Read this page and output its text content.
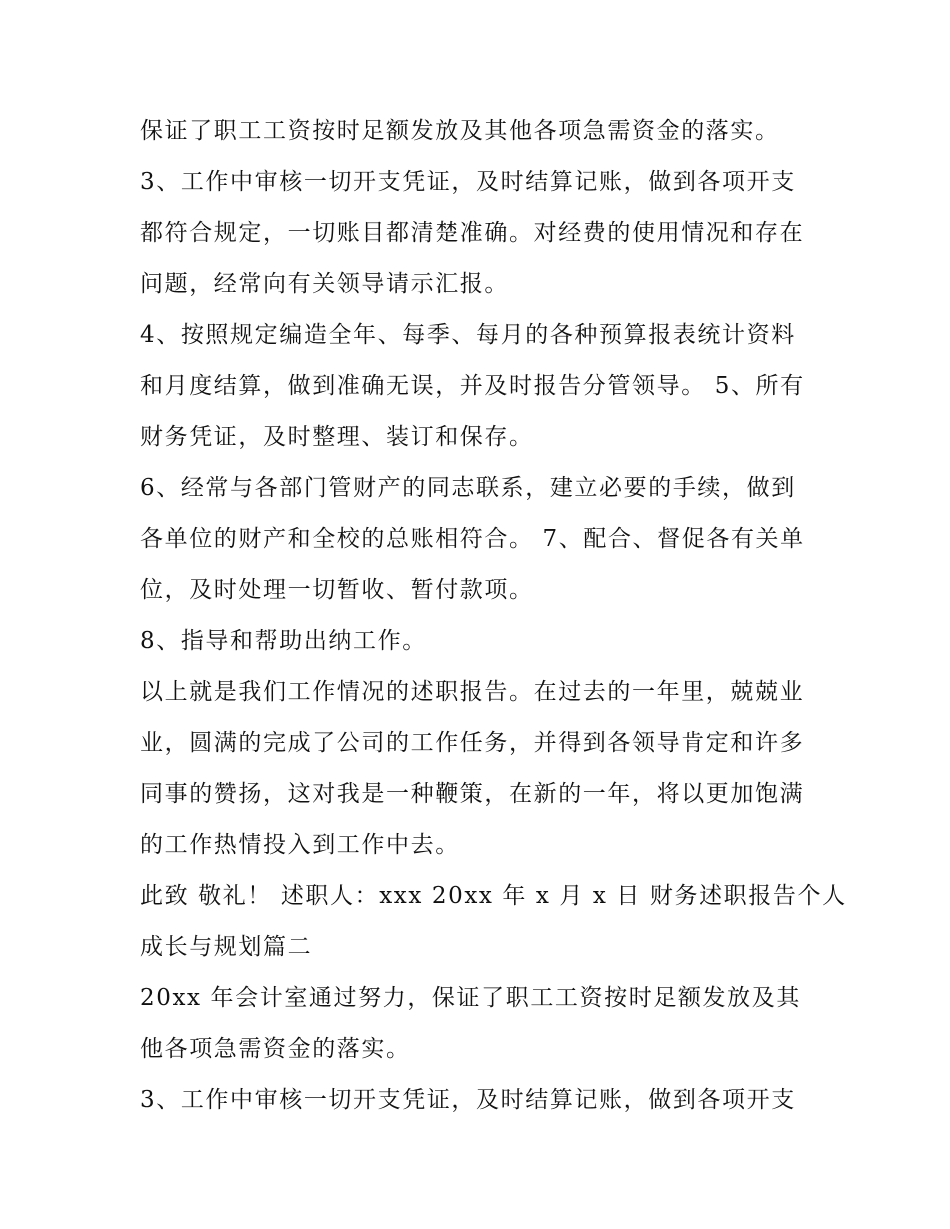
保证了职工工资按时足额发放及其他各项急需资金的落实。
3、工作中审核一切开支凭证，及时结算记账，做到各项开支
都符合规定，一切账目都清楚准确。对经费的使用情况和存在
问题，经常向有关领导请示汇报。
4、按照规定编造全年、每季、每月的各种预算报表统计资料
和月度结算，做到准确无误，并及时报告分管领导。 5、所有
财务凭证，及时整理、装订和保存。
6、经常与各部门管财产的同志联系，建立必要的手续，做到
各单位的财产和全校的总账相符合。 7、配合、督促各有关单
位，及时处理一切暂收、暂付款项。
8、指导和帮助出纳工作。
以上就是我们工作情况的述职报告。在过去的一年里，兢兢业
业，圆满的完成了公司的工作任务，并得到各领导肯定和许多
同事的赞扬，这对我是一种鞭策，在新的一年，将以更加饱满
的工作热情投入到工作中去。
此致 敬礼！ 述职人：xxx 20xx 年 x 月 x 日 财务述职报告个人
成长与规划篇二
20xx 年会计室通过努力，保证了职工工资按时足额发放及其
他各项急需资金的落实。
3、工作中审核一切开支凭证，及时结算记账，做到各项开支
